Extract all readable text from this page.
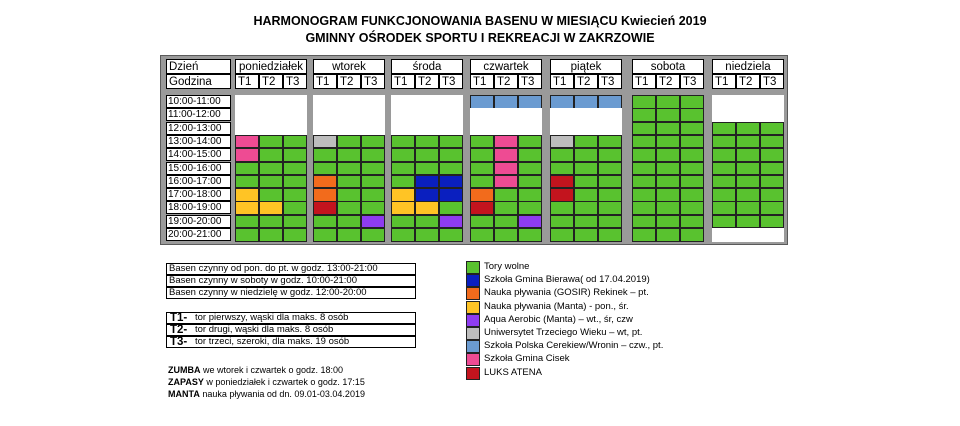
HARMONOGRAM FUNKCJONOWANIA BASENU W MIESIĄCU Kwiecień 2019
GMINNY OŚRODEK SPORTU I REKREACJI W ZAKRZOWIE
Dzień
Godzina
poniedziałek
T1 T2 T3
wtorek
T1 T2 T3
środa
T1 T2 T3
czwartek
T1 T2 T3
piątek
T1 T2 T3
sobota
T1 T2 T3
niedziela
T1 T2 T3
10:00-11:00
11:00-12:00
12:00-13:00
13:00-14:00
14:00-15:00
15:00-16:00
16:00-17:00
17:00-18:00
18:00-19:00
19:00-20:00
20:00-21:00
Basen czynny od pon. do pt. w godz. 13:00-21:00
Basen czynny w soboty w godz. 10:00-21:00
Basen czynny w niedzielę w godz. 12:00-20:00
T1- tor pierwszy, wąski dla maks. 8 osób
T2- tor drugi, wąski dla maks. 8 osób
T3- tor trzeci, szeroki, dla maks. 19 osób
Tory wolne
Szkoła Gmina Bierawa( od 17.04.2019)
Nauka pływania (GOSIR) Rekinek – pt.
Nauka pływania (Manta) - pon., śr.
Aqua Aerobic (Manta) – wt., śr, czw
Uniwersytet Trzeciego Wieku – wt, pt.
Szkoła Polska Cerekiew/Wronin – czw., pt.
Szkoła Gmina Cisek
LUKS ATENA
ZUMBA we wtorek i czwartek o godz. 18:00
ZAPASY w poniedziałek i czwartek o godz. 17:15
MANTA nauka pływania od dn. 09.01-03.04.2019
